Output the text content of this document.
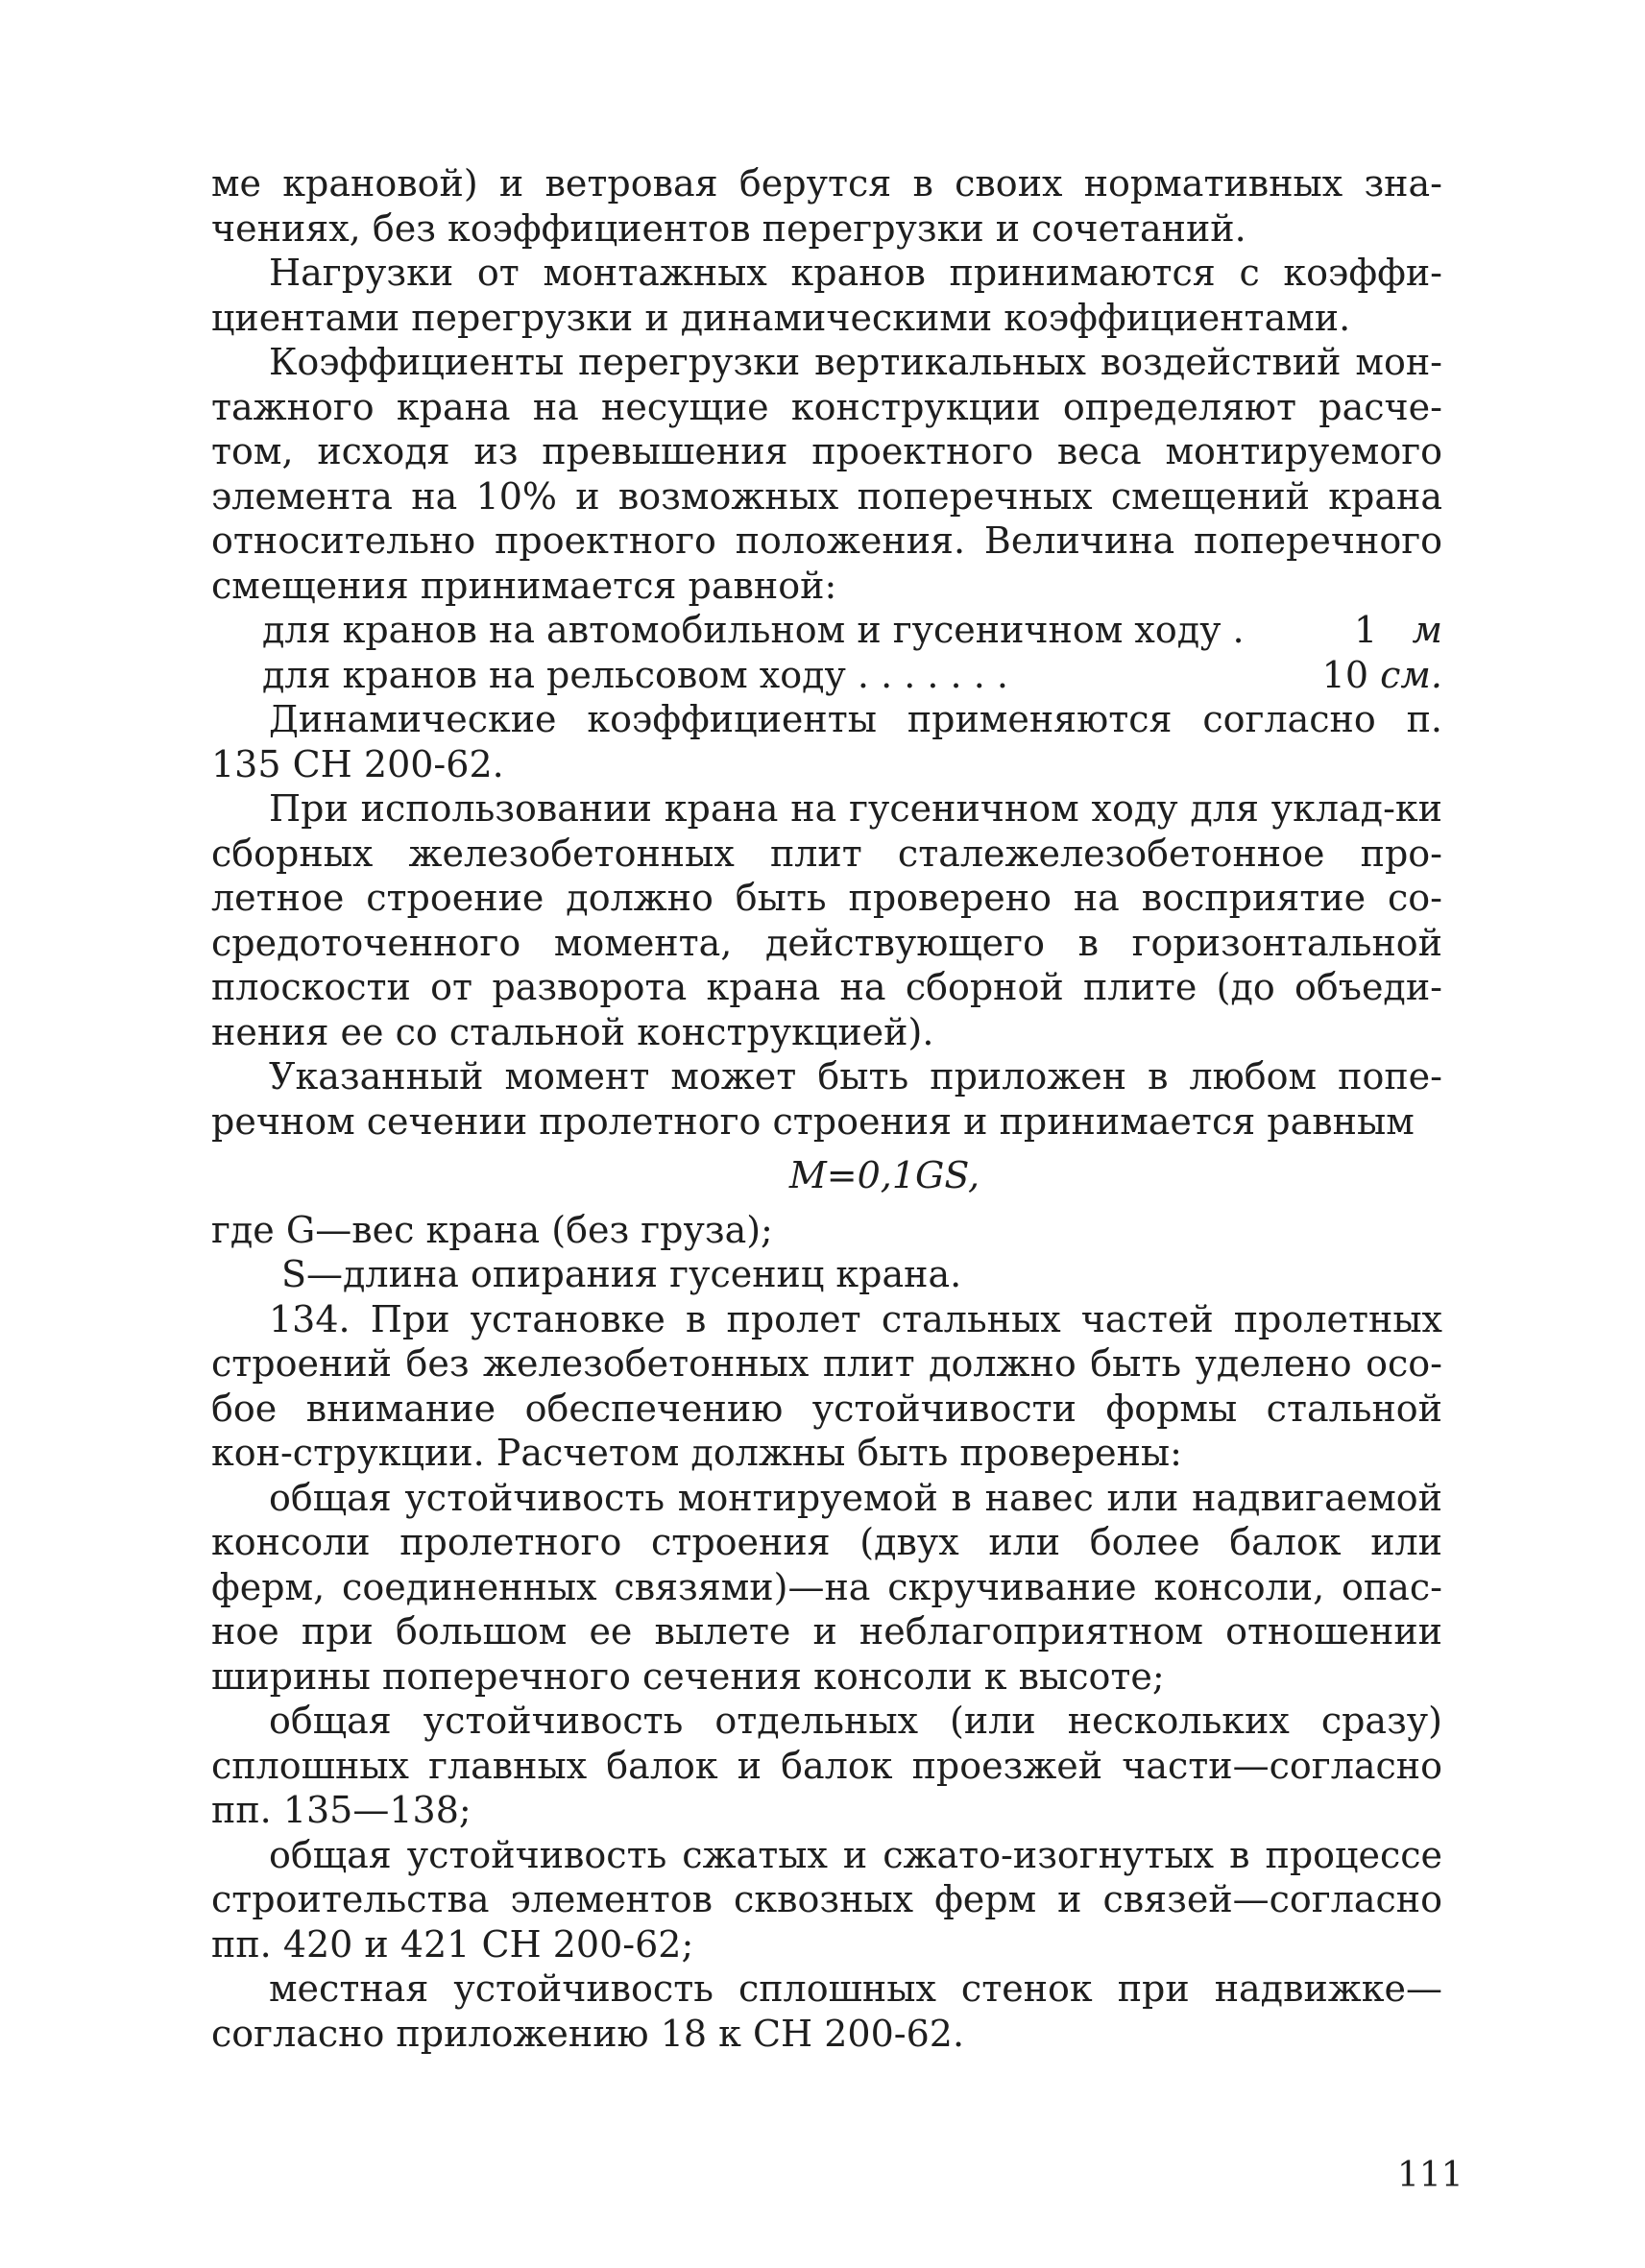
ме крановой) и ветровая берутся в своих нормативных зна-чениях, без коэффициентов перегрузки и сочетаний.

Нагрузки от монтажных кранов принимаются с коэффи-циентами перегрузки и динамическими коэффициентами.

Коэффициенты перегрузки вертикальных воздействий мон-тажного крана на несущие конструкции определяют расче-том, исходя из превышения проектного веса монтируемого элемента на 10% и возможных поперечных смещений крана относительно проектного положения. Величина поперечного смещения принимается равной:

для кранов на автомобильном и гусеничном ходу .	1 м
для кранов на рельсовом ходу . . . . . . .	10 см.

Динамические коэффициенты применяются согласно п. 135 СН 200-62.

При использовании крана на гусеничном ходу для уклад-ки сборных железобетонных плит сталежелезобетонное про-летное строение должно быть проверено на восприятие со-средоточенного момента, действующего в горизонтальной плоскости от разворота крана на сборной плите (до объеди-нения ее со стальной конструкцией).

Указанный момент может быть приложен в любом попе-речном сечении пролетного строения и принимается равным

M=0,1GS,

где G—вес крана (без груза);

S—длина опирания гусениц крана.

134. При установке в пролет стальных частей пролетных строений без железобетонных плит должно быть уделено осо-бое внимание обеспечению устойчивости формы стальной кон-струкции. Расчетом должны быть проверены:

общая устойчивость монтируемой в навес или надвигаемой консоли пролетного строения (двух или более балок или ферм, соединенных связями)—на скручивание консоли, опас-ное при большом ее вылете и неблагоприятном отношении ширины поперечного сечения консоли к высоте;

общая устойчивость отдельных (или нескольких сразу) сплошных главных балок и балок проезжей части—согласно пп. 135—138;

общая устойчивость сжатых и сжато-изогнутых в процессе строительства элементов сквозных ферм и связей—согласно пп. 420 и 421 СН 200-62;

местная устойчивость сплошных стенок при надвижке—согласно приложению 18 к СН 200-62.

111
